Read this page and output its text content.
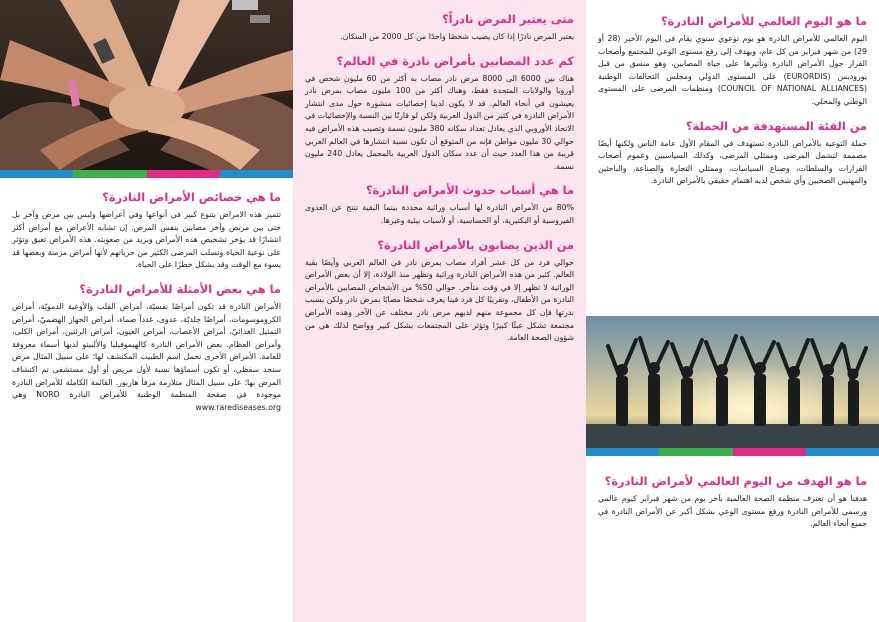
ما هي خصائص الأمراض النادرة؟

تتميز هذه الامراض بتنوع كبير في أنواعها وفي أعراضها وليس بين مرض وآخر بل حتى بين مريض وآخر مصابين بنفس المرض. إن تشابه الأعراض مع أمراض أكثر انتشارًا قد يؤخر تشخيص هذه الأمراض ويزيد من صعوبته. هذه الأمراض تعيق وتؤثر على نوعية الحياة وتسلب المرضى الكثير من حرياتهم لأنها أمراض مزمنة وبعضها قد يسوء مع الوقت وقد يشكل خطرًا على الحياة.

ما هي بعض الأمثلة للأمراض النادرة؟

الأمراض النادرة قد تكون أمراضًا نفسيّة، أمراض القلب والأوعية الدمويّة، أمراض الكروموسومات، أمراضًا جلديّة، عدوى، غدداً صماء، أمراض الجهاز الهضميّ، أمراض التمثيل الغذائيّ، أمراض الأعصاب، أمراض العيون، أمراض الرئتين، أمراض الكلى، وأمراض العظام. بعض الأمراض النادرة كالهيموفيليا والألبينو لديها أسماء معروفة للعامة. الأمراض الأخرى تحمل اسم الطبيب المكتشف لها؛ على سبيل المثال مرض سنجد سفظي، أو تكون أسماؤها نسبة لأول مريض أو أول مستشفى تم اكتشاف المرض بها؛ على سبيل المثال متلازمة مرفأ هاربور. القائمة الكاملة للأمراض النادرة موجودة في صفحة المنظمة الوطنية للأمراض النادرة NORD وهي www.rarediseases.org

متى يعتبر المرض نادراً؟

يعتبر المرض نادرًا إذا كان يصيب شخصًا واحدًا من كل 2000 من السكان.

كم عدد المصابين بأمراض نادرة في العالم؟

هناك بين 6000 الى 8000 مرض نادر مصاب به أكثر من 60 مليون شخص في أوروبا والولايات المتحدة فقط، وهناك أكثر من 100 مليون مصاب بمرض نادر يعيشون في أنحاء العالم. قد لا يكون لدينا إحصائيات منشورة حول مدى انتشار الأمراض النادرة في كثير من الدول العربية ولكن لو قارنّا بين النسبة والإحصائيات في الاتحاد الأوروبي الذي يعادل تعداد سكانه 380 مليون نسمة وتصيب هذه الأمراض فيه حوالي 30 مليون مواطن فإنه من المتوقع أن تكون نسبة انتشارها في العالم العربي قريبة من هذا العدد حيث أن عدد سكان الدول العربية بالمجمل يعادل 240 مليون نسمة.

ما هي أسباب حدوث الأمراض النادرة؟

80% من الأمراض النادرة لها أسباب وراثية محددة بينما البقية تنتج عن العدوى الفيروسية أو البكتيرية، أو الحساسية، أو لأسباب بيئية وغيرها.

من الذين يصابون بالأمراض النادرة؟

حوالي فرد من كل عشر أفراد مصاب بمرض نادر في العالم العربي وأيضًا بقية العالم. كثير من هذه الأمراض النادرة وراثية وتظهر منذ الولادة، إلا أن بعض الأمراض الوراثية لا تظهر إلا في وقت متأخر. حوالي 50% من الأشخاص المصابين بالأمراض النادرة من الأطفال، وتقريبًا كل فرد فينا يعرف شخصًا مصابًا بمرض نادر ولكن بسبب ندرتها فإن كل مجموعة منهم لديهم مرض نادر مختلف عن الآخر وهذه الأمراض مجتمعة تشكل عبئًا كبيرًا وتؤثر على المجتمعات بشكل كبير وواضح لذلك هي من شؤون الصحة العامة.

ما هو اليوم العالمي للأمراض النادرة؟

اليوم العالمي للأمراض النادرة هو يوم توعوي سنوي يقام في اليوم الأخير (28 أو 29) من شهر فبراير من كل عام، ويهدف إلى رفع مستوى الوعي للمجتمع وأصحاب القرار حول الأمراض النادرة وتأثيرها على حياة المصابين، وهو منسق من قبل يوروديس (EURORDIS) على المستوى الدولي ومجلس التحالفات الوطنية (COUNCIL OF NATIONAL ALLIANCES) ومنظمات المرضى على المستوى الوطني والمحلي.

من الفئة المستهدفة من الحملة؟

حملة التوعية بالأمراض النادرة تستهدف في المقام الأول عامة الناس ولكنها أيضًا مصممة لتشمل المرضى وممثلي المرضى، وكذلك السياسيين وعموم أصحاب القرارات والسلطات، وصناع السياسات، وممثلي التجارة والصناعة، والباحثين والمهنيين الصحيين وأي شخص لديه اهتمام حقيقي بالأمراض النادرة.

ما هو الهدف من اليوم العالمي لأمراض النادرة؟

هدفنا هو أن تعترف منظمة الصحة العالمية بآخر يوم من شهر فبراير كيوم عالمي ورسمي للأمراض النادرة ورفع مستوى الوعي بشكل أكبر عن الأمراض النادرة في جميع أنحاء العالم.
